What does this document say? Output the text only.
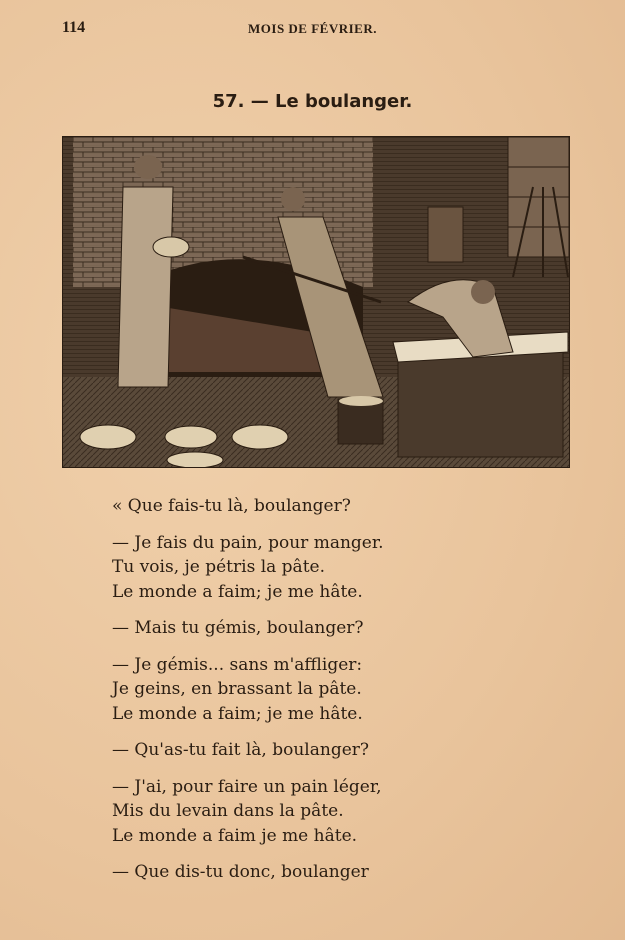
114	MOIS DE FÉVRIER.
57. — Le boulanger.
« Que fais-tu là, boulanger?
— Je fais du pain, pour manger.
Tu vois, je pétris la pâte.
Le monde a faim; je me hâte.
— Mais tu gémis, boulanger?
— Je gémis... sans m'affliger:
Je geins, en brassant la pâte.
Le monde a faim; je me hâte.
— Qu'as-tu fait là, boulanger?
— J'ai, pour faire un pain léger,
Mis du levain dans la pâte.
Le monde a faim je me hâte.
— Que dis-tu donc, boulanger
